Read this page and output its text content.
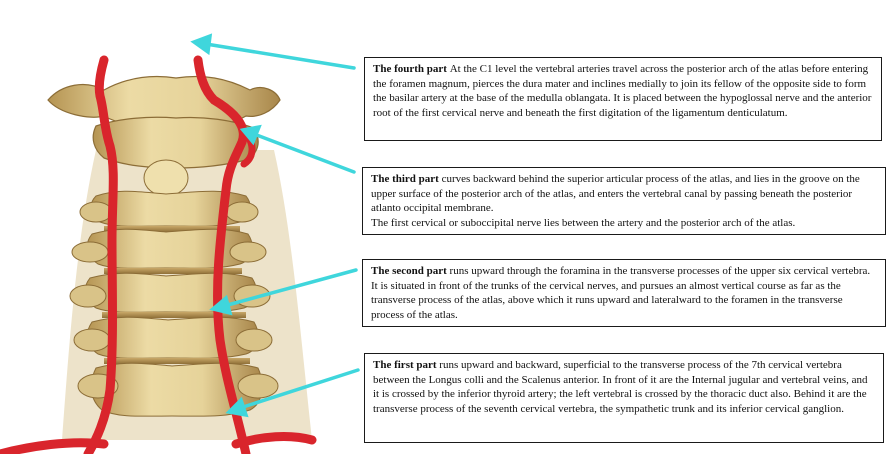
The fourth part At the C1 level the vertebral arteries travel across the posterior arch of the atlas before entering the foramen magnum, pierces the dura mater and inclines medially to join its fellow of the opposite side to form the basilar artery at the base of the medulla oblangata. It is placed between the hypoglossal nerve and the anterior root of the first cervical nerve and beneath the first digitation of the ligamentum denticulatum.
The third part curves backward behind the superior articular process of the atlas, and lies in the groove on the upper surface of the posterior arch of the atlas, and enters the vertebral canal by passing beneath the posterior atlanto occipital membrane.
The first cervical or suboccipital nerve lies between the artery and the posterior arch of the atlas.
The second part runs upward through the foramina in the transverse processes of the upper six cervical vertebra. It is situated in front of the trunks of the cervical nerves, and pursues an almost vertical course as far as the transverse process of the atlas, above which it runs upward and lateralward to the foramen in the transverse process of the atlas.
The first part runs upward and backward, superficial to the transverse process of the 7th cervical vertebra between the Longus colli and the Scalenus anterior. In front of it are the Internal jugular and vertebral veins, and it is crossed by the inferior thyroid artery; the left vertebral is crossed by the thoracic duct also. Behind it are the transverse process of the seventh cervical vertebra, the sympathetic trunk and its inferior cervical ganglion.
